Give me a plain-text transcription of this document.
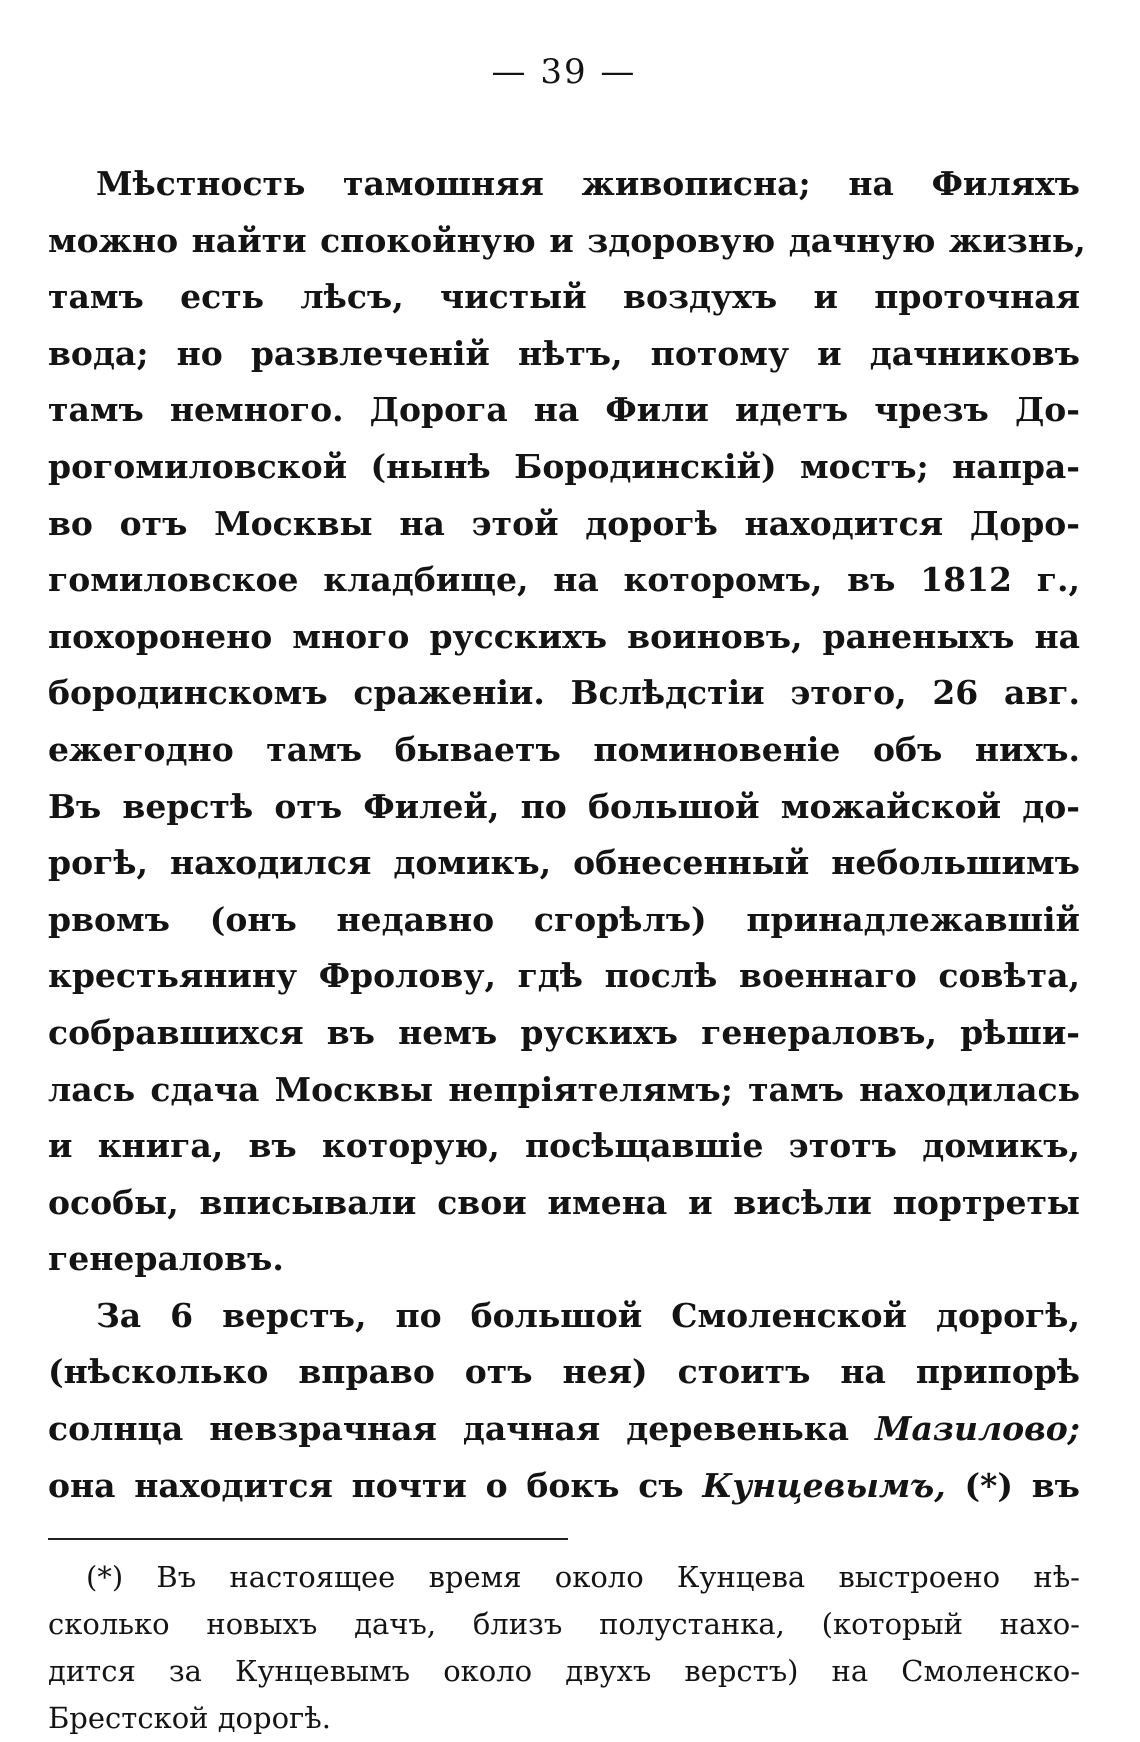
— 39 —

Мѣстность тамошняя живописна; на Филяхъ
можно найти спокойную и здоровую дачную жизнь,
тамъ есть лѣсъ, чистый воздухъ и проточная
вода; но развлеченій нѣтъ, потому и дачниковъ
тамъ немного. Дорога на Фили идетъ чрезъ До-
рогомиловской (нынѣ Бородинскій) мостъ; напра-
во отъ Москвы на этой дорогѣ находится Доро-
гомиловское кладбище, на которомъ, въ 1812 г.,
похоронено много русскихъ воиновъ, раненыхъ на
бородинскомъ сраженіи. Вслѣдстіи этого, 26 авг.
ежегодно тамъ бываетъ поминовеніе объ нихъ.
Въ верстѣ отъ Филей, по большой можайской до-
рогѣ, находился домикъ, обнесенный небольшимъ
рвомъ (онъ недавно сгорѣлъ) принадлежавшій
крестьянину Фролову, гдѣ послѣ военнаго совѣта,
собравшихся въ немъ рускихъ генераловъ, рѣши-
лась сдача Москвы непріятелямъ; тамъ находилась
и книга, въ которую, посѣщавшіе этотъ домикъ,
особы, вписывали свои имена и висѣли портреты
генераловъ.

За 6 верстъ, по большой Смоленской дорогѣ,
(нѣсколько вправо отъ нея) стоитъ на припорѣ
солнца невзрачная дачная деревенька Мазилово;
она находится почти о бокъ съ Кунцевымъ, (*) въ

(*) Въ настоящее время около Кунцева выстроено нѣ-
сколько новыхъ дачъ, близъ полустанка, (который нахо-
дится за Кунцевымъ около двухъ верстъ) на Смоленско-
Брестской дорогѣ.
